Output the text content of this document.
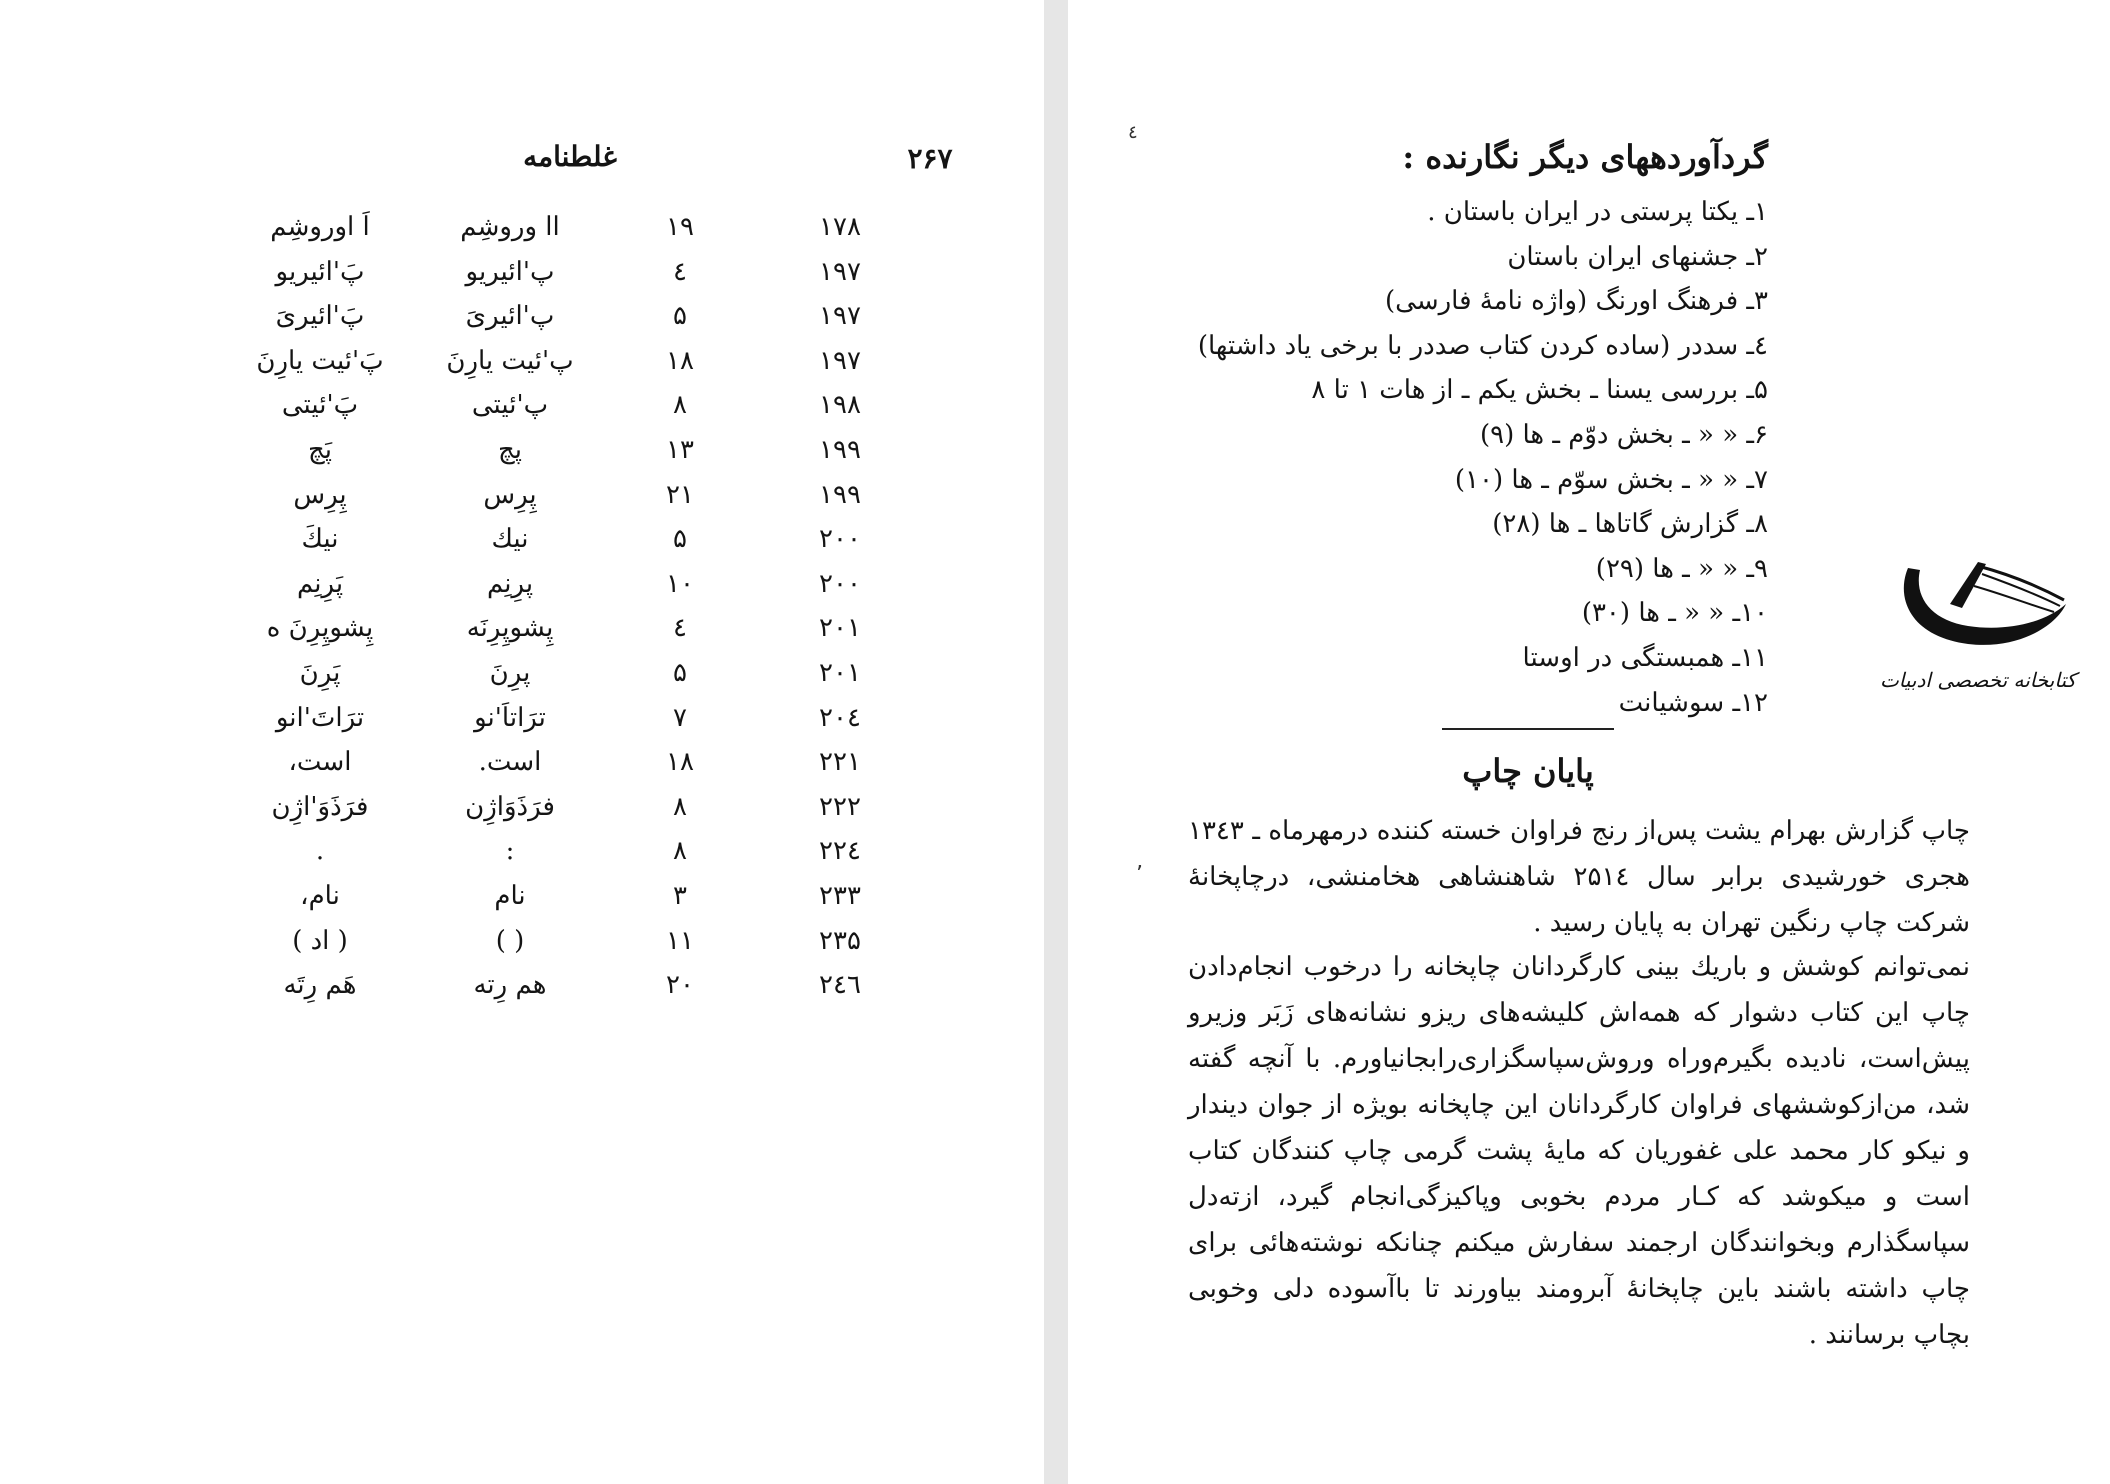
۲۶۷
غلطنامه
۱۷۸
۱۹
اا وروشِم
اَ اوروشِم
۱۹۷
٤
پ'ائیریو
پَ'ائیریو
۱۹۷
۵
پ'ائیریَ
پَ'ائیریَ
۱۹۷
۱۸
پ'ئیت یارِنَ
پَ'ئیت یارِنَ
۱۹۸
۸
پ'ئیتی
پَ'ئیتی
۱۹۹
۱۳
پچ
پَچ
۱۹۹
۲۱
پِرِس
پِرِس
۲۰۰
۵
نیك
نیكَ
۲۰۰
۱۰
پرِنِم
پَرِنِم
۲۰۱
٤
پِشوپِرِنَه
پِشوپِرِنَ ه
۲۰۱
۵
پرِنَ
پَرِنَ
۲۰٤
۷
ترَاتاَ'نو
ترَاتَ'انو
۲۲۱
۱۸
است.
است،
۲۲۲
۸
فرَذَوَاژِن
فرَذَوَ'اژِن
۲۲٤
۸
:
.
۲۳۳
۳
نام
نام،
۲۳۵
۱۱
( )
( اد )
۲٤٦
۲۰
هم رِته
هَم رِتَه
٤
گردآوردههای دیگر نگارنده :
۱ـ یکتا پرستی در ایران باستان .
۲ـ جشنهای ایران باستان
۳ـ فرهنگ اورنگ (واژه نامهٔ فارسی)
٤ـ سددر (ساده کردن کتاب صددر با برخی یاد داشتها)
۵ـ بررسی یسنا ـ بخش یکم ـ از هات ۱ تا ۸
۶ـ « « ـ بخش دوّم ـ ها (۹)
۷ـ « « ـ بخش سوّم ـ ها (۱۰)
۸ـ گزارش گاتاها ـ ها (۲۸)
۹ـ « « ـ ها (۲۹)
۱۰ـ « « ـ ها (۳۰)
۱۱ـ همبستگی در اوستا
۱۲ـ سوشیانت
پایان چاپ

چاپ گزارش بهرام یشت پس‌از رنج فراوان خسته کننده درمهرماه ـ ۱۳٤۳ هجری خورشیدی برابر سال ۲۵۱٤ شاهنشاهی هخامنشی، درچاپخانهٔ شرکت چاپ رنگین تهران به پایان رسید .

نمی‌توانم کوشش و باریك بینی کارگردانان چاپخانه را درخوب انجام‌دادن چاپ این کتاب دشوار که همه‌اش کلیشه‌های ریزو نشانه‌های زَبَر وزیرو پیش‌است، نادیده بگیرم‌وراه وروش‌سپاسگزاری‌رابجانیاورم. با آنچه گفته شد، من‌ازکوششهای فراوان کارگردانان این چاپخانه بویژه از جوان دیندار و نیکو کار محمد علی غفوریان که مایهٔ پشت گرمی چاپ کنندگان کتاب است و میکوشد که کـار مردم بخوبی وپاکیزگی‌انجام گیرد، ازته‌دل سپاسگذارم ‌وبخوانندگان ارجمند سفارش میکنم چنانکه نوشته‌هائی برای چاپ داشته باشند باین چاپخانهٔ آبرومند بیاورند تا باآسوده دلی وخوبی بچاپ برسانند .

٬
کتابخانه تخصصی ادبیات
